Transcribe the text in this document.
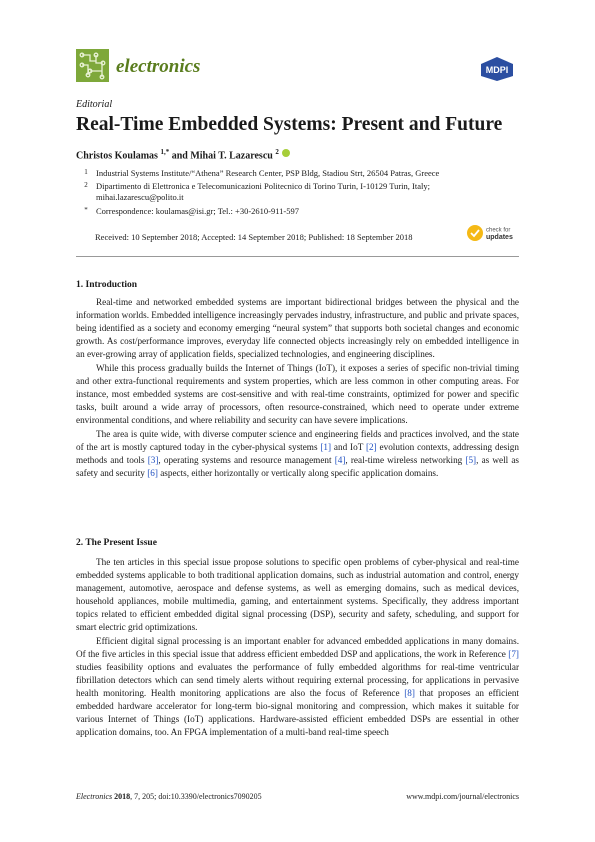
electronics	MDPI
Editorial
Real-Time Embedded Systems: Present and Future
Christos Koulamas $^{1,*}$ and Mihai T. Lazarescu $^2$
1 Industrial Systems Institute/“Athena” Research Center, PSP Bldg, Stadiou Strt, 26504 Patras, Greece
2 Dipartimento di Elettronica e Telecomunicazioni Politecnico di Torino Turin, I-10129 Turin, Italy;
mihai.lazarescu@polito.it
* Correspondence: koulamas@isi.gr; Tel.: +30-2610-911-597
Received: 10 September 2018; Accepted: 14 September 2018; Published: 18 September 2018
check for
updates
1. Introduction

Real-time and networked embedded systems are important bidirectional bridges between the physical and the information worlds. Embedded intelligence increasingly pervades industry, infrastructure, and public and private spaces, being identified as a society and economy emerging “neural system” that supports both societal changes and economic growth. As cost/performance improves, everyday life connected objects increasingly rely on embedded intelligence in an ever-growing array of application fields, specialized technologies, and engineering disciplines.

While this process gradually builds the Internet of Things (IoT), it exposes a series of specific non-trivial timing and other extra-functional requirements and system properties, which are less common in other computing areas. For instance, most embedded systems are cost-sensitive and with real-time constraints, optimized for power and specific tasks, built around a wide array of processors, often resource-constrained, which need to operate under extreme environmental conditions, and where reliability and security can have severe implications.

The area is quite wide, with diverse computer science and engineering fields and practices involved, and the state of the art is mostly captured today in the cyber-physical systems [1] and IoT [2] evolution contexts, addressing design methods and tools [3], operating systems and resource management [4], real-time wireless networking [5], as well as safety and security [6] aspects, either horizontally or vertically along specific application domains.

2. The Present Issue

The ten articles in this special issue propose solutions to specific open problems of cyber-physical and real-time embedded systems applicable to both traditional application domains, such as industrial automation and control, energy management, automotive, aerospace and defense systems, as well as emerging domains, such as medical devices, household appliances, mobile multimedia, gaming, and entertainment systems. Specifically, they address important topics related to efficient embedded digital signal processing (DSP), security and safety, scheduling, and support for smart electric grid optimizations.

Efficient digital signal processing is an important enabler for advanced embedded applications in many domains. Of the five articles in this special issue that address efficient embedded DSP and applications, the work in Reference [7] studies feasibility options and evaluates the performance of fully embedded algorithms for real-time ventricular fibrillation detectors which can send timely alerts without requiring external processing, for applications in pervasive health monitoring. Health monitoring applications are also the focus of Reference [8] that proposes an efficient embedded hardware accelerator for long-term bio-signal monitoring and compression, which makes it suitable for various Internet of Things (IoT) applications. Hardware-assisted efficient embedded DSPs are essential in other application domains, too. An FPGA implementation of a multi-band real-time speech

Electronics 2018, 7, 205; doi:10.3390/electronics7090205	www.mdpi.com/journal/electronics
